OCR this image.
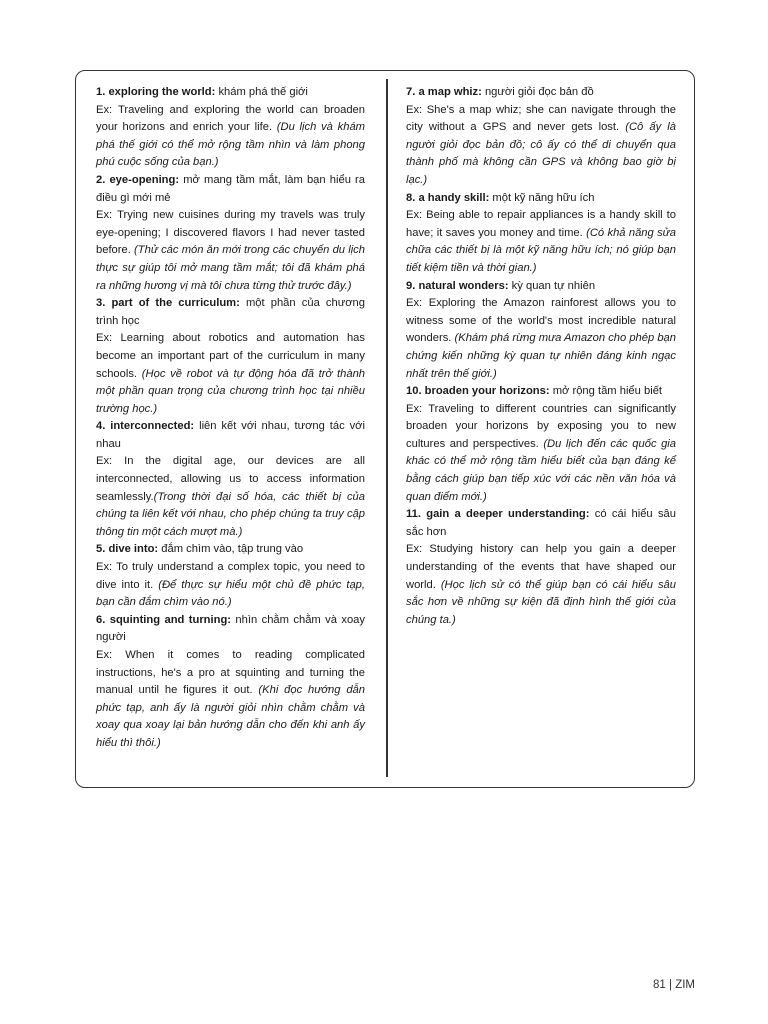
1. exploring the world: khám phá thế giới
Ex: Traveling and exploring the world can broaden your horizons and enrich your life. (Du lịch và khám phá thế giới có thể mở rộng tầm nhìn và làm phong phú cuộc sống của bạn.)

2. eye-opening: mở mang tầm mắt, làm bạn hiểu ra điều gì mới mẻ
Ex: Trying new cuisines during my travels was truly eye-opening; I discovered flavors I had never tasted before. (Thử các món ăn mới trong các chuyến du lịch thực sự giúp tôi mở mang tầm mắt; tôi đã khám phá ra những hương vị mà tôi chưa từng thử trước đây.)

3. part of the curriculum: một phần của chương trình học
Ex: Learning about robotics and automation has become an important part of the curriculum in many schools. (Học về robot và tự động hóa đã trở thành một phần quan trọng của chương trình học tại nhiều trường học.)

4. interconnected: liên kết với nhau, tương tác với nhau
Ex: In the digital age, our devices are all interconnected, allowing us to access information seamlessly.(Trong thời đại số hóa, các thiết bị của chúng ta liên kết với nhau, cho phép chúng ta truy cập thông tin một cách mượt mà.)

5. dive into: đắm chìm vào, tập trung vào
Ex: To truly understand a complex topic, you need to dive into it. (Để thực sự hiểu một chủ đề phức tạp, bạn cần đắm chìm vào nó.)

6. squinting and turning: nhìn chằm chằm và xoay người
Ex: When it comes to reading complicated instructions, he's a pro at squinting and turning the manual until he figures it out. (Khi đọc hướng dẫn phức tạp, anh ấy là người giỏi nhìn chằm chằm và xoay qua xoay lại bản hướng dẫn cho đến khi anh ấy hiểu thì thôi.)

7. a map whiz: người giỏi đọc bản đồ
Ex: She's a map whiz; she can navigate through the city without a GPS and never gets lost. (Cô ấy là người giỏi đọc bản đồ; cô ấy có thể di chuyển qua thành phố mà không cần GPS và không bao giờ bị lạc.)

8. a handy skill: một kỹ năng hữu ích
Ex: Being able to repair appliances is a handy skill to have; it saves you money and time. (Có khả năng sửa chữa các thiết bị là một kỹ năng hữu ích; nó giúp bạn tiết kiệm tiền và thời gian.)

9. natural wonders: kỳ quan tự nhiên
Ex: Exploring the Amazon rainforest allows you to witness some of the world's most incredible natural wonders. (Khám phá rừng mưa Amazon cho phép bạn chứng kiến những kỳ quan tự nhiên đáng kinh ngạc nhất trên thế giới.)

10. broaden your horizons: mở rộng tầm hiểu biết
Ex: Traveling to different countries can significantly broaden your horizons by exposing you to new cultures and perspectives. (Du lịch đến các quốc gia khác có thể mở rộng tầm hiểu biết của bạn đáng kể bằng cách giúp bạn tiếp xúc với các nền văn hóa và quan điểm mới.)

11. gain a deeper understanding: có cái hiểu sâu sắc hơn
Ex: Studying history can help you gain a deeper understanding of the events that have shaped our world. (Học lịch sử có thể giúp bạn có cái hiểu sâu sắc hơn về những sự kiện đã định hình thế giới của chúng ta.)

81 | ZIM
